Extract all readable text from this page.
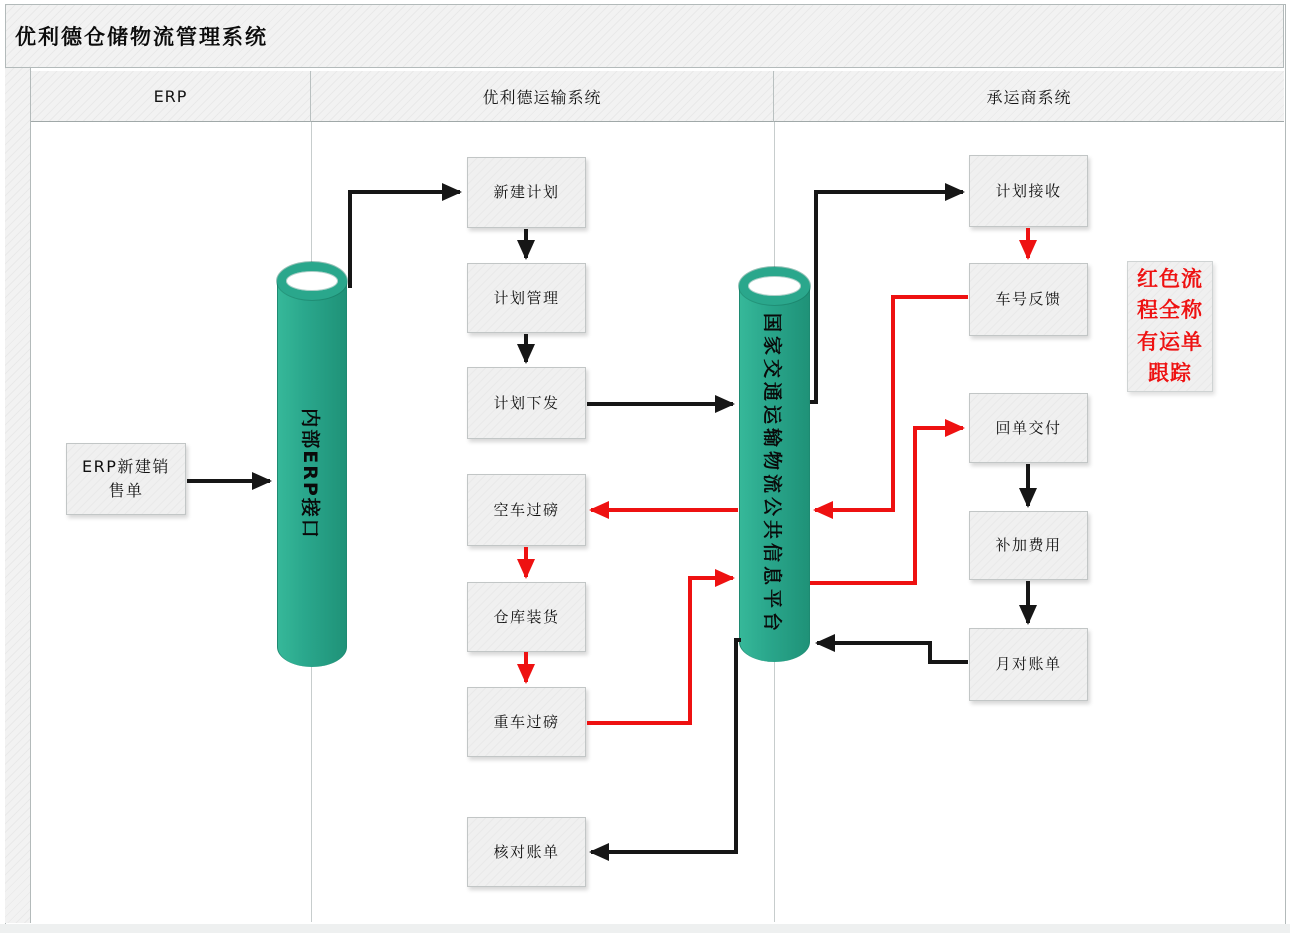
优利德仓储物流管理系统
ERP	优利德运输系统	承运商系统
ERP新建销售单
新建计划
计划管理
计划下发
空车过磅
仓库装货
重车过磅
核对账单
计划接收
车号反馈
回单交付
补加费用
月对账单
红色流程全称有运单跟踪
内部ERP接口	国家交通运输物流公共信息平台
